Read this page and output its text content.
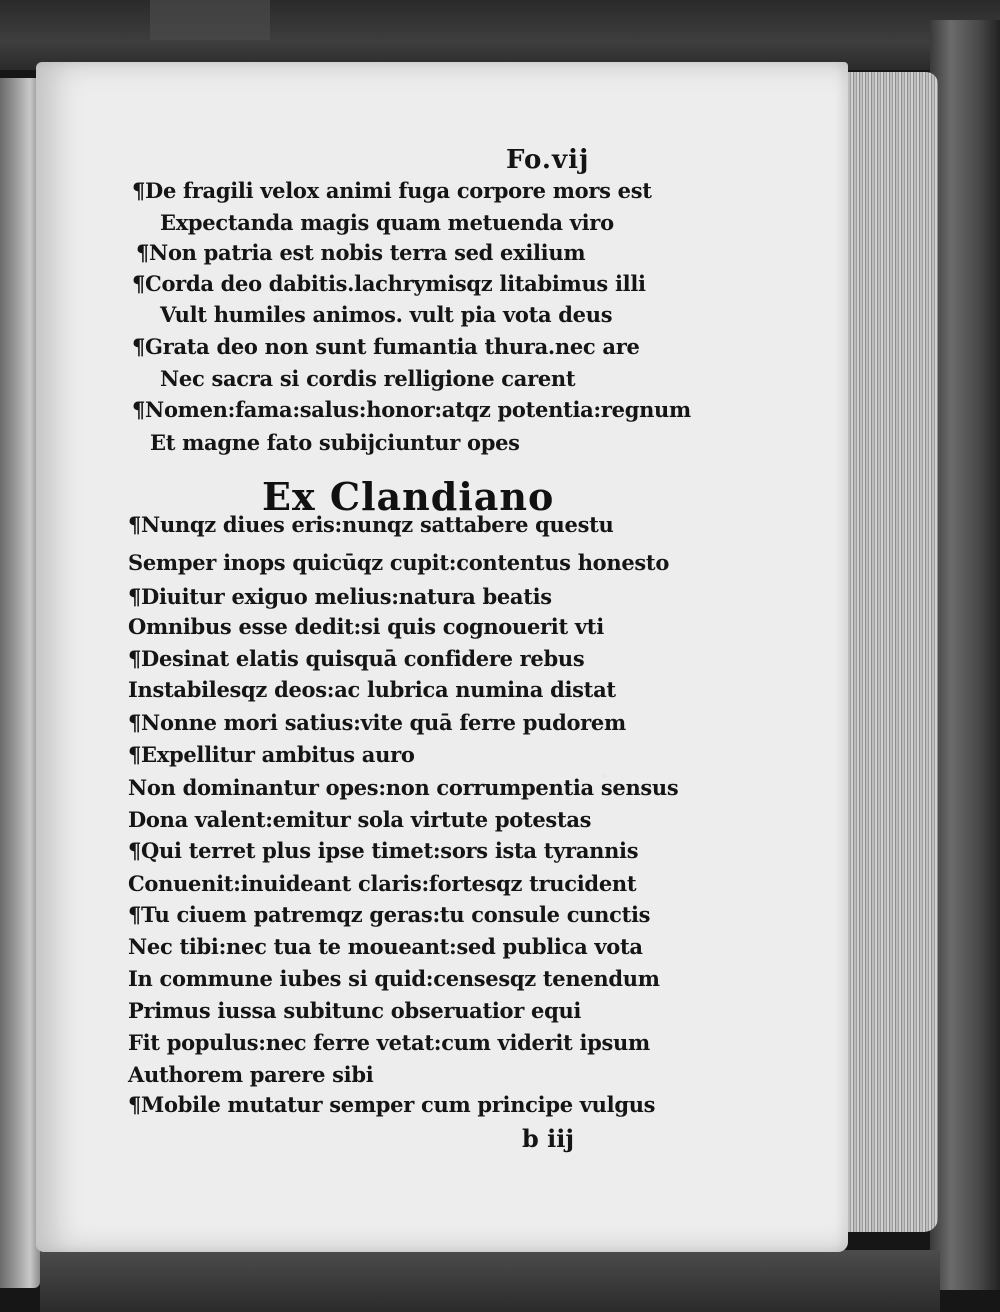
Fo.vij
¶De fragili velox animi fuga corpore mors est
Expectanda magis quam metuenda viro
¶Non patria est nobis terra sed exilium
¶Corda deo dabitis.lachrymisqz litabimus illi
Vult humiles animos. vult pia vota deus
¶Grata deo non sunt fumantia thura.nec are
Nec sacra si cordis relligione carent
¶Nomen:fama:salus:honor:atqz potentia:regnum
Et magne fato subijciuntur opes
Ex Clandiano
¶Nunqz diues eris:nunqz sattabere questu
Semper inops quicūqz cupit:contentus honesto
¶Diuitur exiguo melius:natura beatis
Omnibus esse dedit:si quis cognouerit vti
¶Desinat elatis quisquā confidere rebus
Instabilesqz deos:ac lubrica numina distat
¶Nonne mori satius:vite quā ferre pudorem
¶Expellitur ambitus auro
Non dominantur opes:non corrumpentia sensus
Dona valent:emitur sola virtute potestas
¶Qui terret plus ipse timet:sors ista tyrannis
Conuenit:inuideant claris:fortesqz trucident
¶Tu ciuem patremqz geras:tu consule cunctis
Nec tibi:nec tua te moueant:sed publica vota
In commune iubes si quid:censesqz tenendum
Primus iussa subitunc obseruatior equi
Fit populus:nec ferre vetat:cum viderit ipsum
Authorem parere sibi
¶Mobile mutatur semper cum principe vulgus
b iij
